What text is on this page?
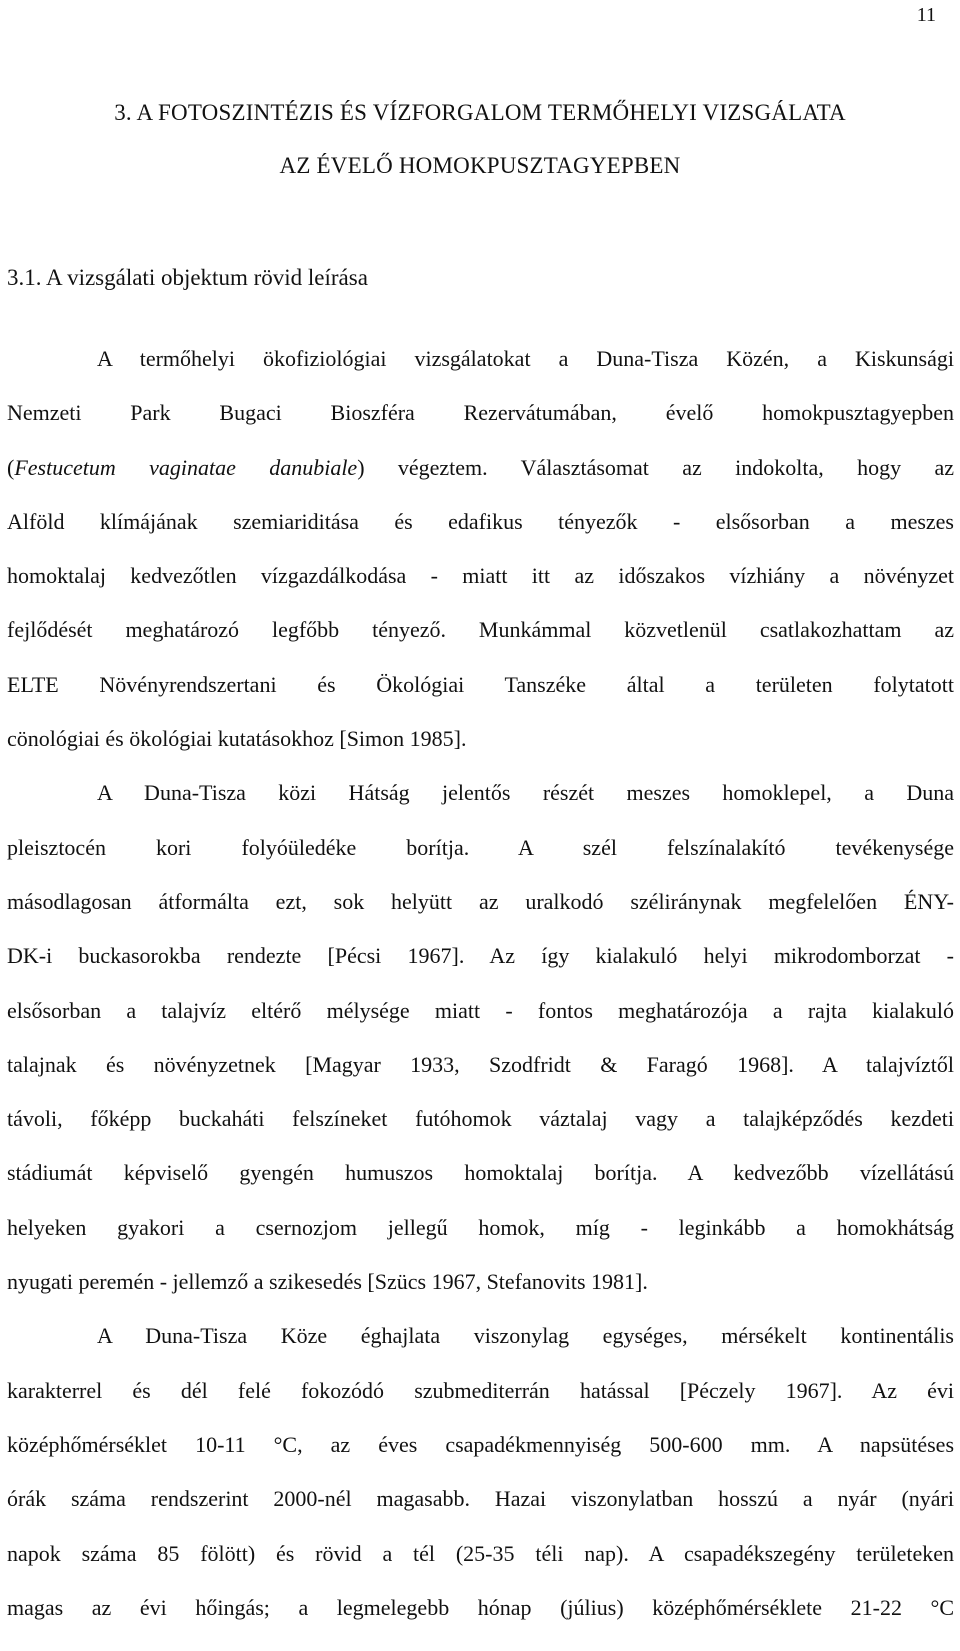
11
3. A FOTOSZINTÉZIS ÉS VÍZFORGALOM TERMŐHELYI VIZSGÁLATA
AZ ÉVELŐ HOMOKPUSZTAGYEPBEN
3.1. A vizsgálati objektum rövid leírása
A termőhelyi ökofiziológiai vizsgálatokat a Duna-Tisza Közén, a Kiskunsági
Nemzeti Park Bugaci Bioszféra Rezervátumában, évelő homokpusztagyepben
(Festucetum vaginatae danubiale) végeztem. Választásomat az indokolta, hogy az
Alföld klímájának szemiariditása és edafikus tényezők - elsősorban a meszes
homoktalaj kedvezőtlen vízgazdálkodása - miatt itt az időszakos vízhiány a növényzet
fejlődését meghatározó legfőbb tényező. Munkámmal közvetlenül csatlakozhattam az
ELTE Növényrendszertani és Ökológiai Tanszéke által a területen folytatott
cönológiai és ökológiai kutatásokhoz [Simon 1985].
A Duna-Tisza közi Hátság jelentős részét meszes homoklepel, a Duna
pleisztocén kori folyóüledéke borítja. A szél felszínalakító tevékenysége
másodlagosan átformálta ezt, sok helyütt az uralkodó széliránynak megfelelően ÉNY-
DK-i buckasorokba rendezte [Pécsi 1967]. Az így kialakuló helyi mikrodomborzat -
elsősorban a talajvíz eltérő mélysége miatt - fontos meghatározója a rajta kialakuló
talajnak és növényzetnek [Magyar 1933, Szodfridt & Faragó 1968]. A talajvíztől
távoli, főképp buckaháti felszíneket futóhomok váztalaj vagy a talajképződés kezdeti
stádiumát képviselő gyengén humuszos homoktalaj borítja. A kedvezőbb vízellátású
helyeken gyakori a csernozjom jellegű homok, míg - leginkább a homokhátság
nyugati peremén - jellemző a szikesedés [Szücs 1967, Stefanovits 1981].
A Duna-Tisza Köze éghajlata viszonylag egységes, mérsékelt kontinentális
karakterrel és dél felé fokozódó szubmediterrán hatással [Péczely 1967]. Az évi
középhőmérséklet 10-11 °C, az éves csapadékmennyiség 500-600 mm. A napsütéses
órák száma rendszerint 2000-nél magasabb. Hazai viszonylatban hosszú a nyár (nyári
napok száma 85 fölött) és rövid a tél (25-35 téli nap). A csapadékszegény területeken
magas az évi hőingás; a legmelegebb hónap (július) középhőmérséklete 21-22 °C
